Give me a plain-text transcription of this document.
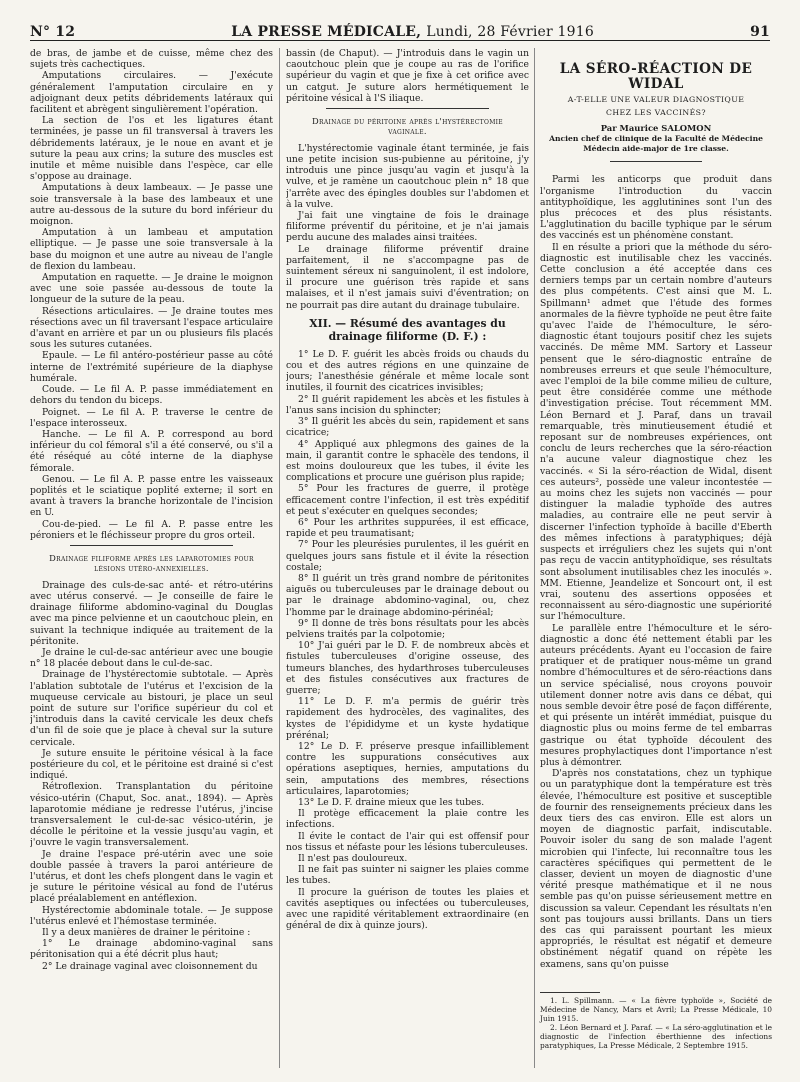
N° 12	LA PRESSE MÉDICALE, Lundi, 28 Février 1916	91

de bras, de jambe et de cuisse, même chez des sujets très cachectiques.

Amputations circulaires. — J'exécute généralement l'amputation circulaire en y adjoignant deux petits débridements latéraux qui facilitent et abrègent singulièrement l'opération.

La section de l'os et les ligatures étant terminées, je passe un fil transversal à travers les débridements latéraux, je le noue en avant et je suture la peau aux crins; la suture des muscles est inutile et même nuisible dans l'espèce, car elle s'oppose au drainage.

Amputations à deux lambeaux. — Je passe une soie transversale à la base des lambeaux et une autre au-dessous de la suture du bord inférieur du moignon.

Amputation à un lambeau et amputation elliptique. — Je passe une soie transversale à la base du moignon et une autre au niveau de l'angle de flexion du lambeau.

Amputation en raquette. — Je draine le moignon avec une soie passée au-dessous de toute la longueur de la suture de la peau.

Résections articulaires. — Je draine toutes mes résections avec un fil traversant l'espace articulaire d'avant en arrière et par un ou plusieurs fils placés sous les sutures cutanées.

Epaule. — Le fil antéro-postérieur passe au côté interne de l'extrémité supérieure de la diaphyse humérale.

Coude. — Le fil A. P. passe immédiatement en dehors du tendon du biceps.

Poignet. — Le fil A. P. traverse le centre de l'espace interosseux.

Hanche. — Le fil A. P. correspond au bord inférieur du col fémoral s'il a été conservé, ou s'il a été réséqué au côté interne de la diaphyse fémorale.

Genou. — Le fil A. P. passe entre les vaisseaux poplités et le sciatique poplité externe; il sort en avant à travers la branche horizontale de l'incision en U.

Cou-de-pied. — Le fil A. P. passe entre les péroniers et le fléchisseur propre du gros orteil.

Drainage filiforme après les laparotomies pour lésions utéro-annexielles.

Drainage des culs-de-sac anté- et rétro-utérins avec utérus conservé. — Je conseille de faire le drainage filiforme abdomino-vaginal du Douglas avec ma pince pelvienne et un caoutchouc plein, en suivant la technique indiquée au traitement de la péritonite.

Je draine le cul-de-sac antérieur avec une bougie n° 18 placée debout dans le cul-de-sac.

Drainage de l'hystérectomie subtotale. — Après l'ablation subtotale de l'utérus et l'excision de la muqueuse cervicale au bistouri, je place un seul point de suture sur l'orifice supérieur du col et j'introduis dans la cavité cervicale les deux chefs d'un fil de soie que je place à cheval sur la suture cervicale.

Je suture ensuite le péritoine vésical à la face postérieure du col, et le péritoine est drainé si c'est indiqué.

Rétroflexion. Transplantation du péritoine vésico-utérin (Chaput, Soc. anat., 1894). — Après laparotomie médiane je redresse l'utérus, j'incise transversalement le cul-de-sac vésico-utérin, je décolle le péritoine et la vessie jusqu'au vagin, et j'ouvre le vagin transversalement.

Je draine l'espace pré-utérin avec une soie double passée à travers la paroi antérieure de l'utérus, et dont les chefs plongent dans le vagin et je suture le péritoine vésical au fond de l'utérus placé préalablement en antéflexion.

Hystérectomie abdominale totale. — Je suppose l'utérus enlevé et l'hémostase terminée.

Il y a deux manières de drainer le péritoine :

1° Le drainage abdomino-vaginal sans péritonisation qui a été décrit plus haut;

2° Le drainage vaginal avec cloisonnement du

bassin (de Chaput). — J'introduis dans le vagin un caoutchouc plein que je coupe au ras de l'orifice supérieur du vagin et que je fixe à cet orifice avec un catgut. Je suture alors hermétiquement le péritoine vésical à l'S iliaque.

Drainage du péritoine après l'hystérectomie vaginale.

L'hystérectomie vaginale étant terminée, je fais une petite incision sus-pubienne au péritoine, j'y introduis une pince jusqu'au vagin et jusqu'à la vulve, et je ramène un caoutchouc plein n° 18 que j'arrête avec des épingles doubles sur l'abdomen et à la vulve.

J'ai fait une vingtaine de fois le drainage filiforme préventif du péritoine, et je n'ai jamais perdu aucune des malades ainsi traitées.

Le drainage filiforme préventif draine parfaitement, il ne s'accompagne pas de suintement séreux ni sanguinolent, il est indolore, il procure une guérison très rapide et sans malaises, et il n'est jamais suivi d'éventration; on ne pourrait pas dire autant du drainage tubulaire.

XII. — Résumé des avantages du drainage filiforme (D. F.) :

1° Le D. F. guérit les abcès froids ou chauds du cou et des autres régions en une quinzaine de jours; l'anesthésie générale et même locale sont inutiles, il fournit des cicatrices invisibles;

2° Il guérit rapidement les abcès et les fistules à l'anus sans incision du sphincter;

3° Il guérit les abcès du sein, rapidement et sans cicatrice;

4° Appliqué aux phlegmons des gaines de la main, il garantit contre le sphacèle des tendons, il est moins douloureux que les tubes, il évite les complications et procure une guérison plus rapide;

5° Pour les fractures de guerre, il protège efficacement contre l'infection, il est très expéditif et peut s'exécuter en quelques secondes;

6° Pour les arthrites suppurées, il est efficace, rapide et peu traumatisant;

7° Pour les pleurésies purulentes, il les guérit en quelques jours sans fistule et il évite la résection costale;

8° Il guérit un très grand nombre de péritonites aiguës ou tuberculeuses par le drainage debout ou par le drainage abdomino-vaginal, ou, chez l'homme par le drainage abdomino-périnéal;

9° Il donne de très bons résultats pour les abcès pelviens traités par la colpotomie;

10° J'ai guéri par le D. F. de nombreux abcès et fistules tuberculeuses d'origine osseuse, des tumeurs blanches, des hydarthroses tuberculeuses et des fistules consécutives aux fractures de guerre;

11° Le D. F. m'a permis de guérir très rapidement des hydrocèles, des vaginalites, des kystes de l'épididyme et un kyste hydatique prérénal;

12° Le D. F. préserve presque infailliblement contre les suppurations consécutives aux opérations aseptiques, hernies, amputations du sein, amputations des membres, résections articulaires, laparotomies;

13° Le D. F. draine mieux que les tubes.

Il protège efficacement la plaie contre les infections.

Il évite le contact de l'air qui est offensif pour nos tissus et néfaste pour les lésions tuberculeuses.

Il n'est pas douloureux.

Il ne fait pas suinter ni saigner les plaies comme les tubes.

Il procure la guérison de toutes les plaies et cavités aseptiques ou infectées ou tuberculeuses, avec une rapidité véritablement extraordinaire (en général de dix à quinze jours).

LA SÉRO-RÉACTION DE WIDAL
A-T-ELLE UNE VALEUR DIAGNOSTIQUE
CHEZ LES VACCINÉS?
Par Maurice SALOMON
Ancien chef de clinique de la Faculté de Médecine
Médecin aide-major de 1re classe.

Parmi les anticorps que produit dans l'organisme l'introduction du vaccin antityphoïdique, les agglutinines sont l'un des plus précoces et des plus résistants. L'agglutination du bacille typhique par le sérum des vaccinés est un phénomène constant.

Il en résulte a priori que la méthode du séro-diagnostic est inutilisable chez les vaccinés. Cette conclusion a été acceptée dans ces derniers temps par un certain nombre d'auteurs des plus compétents. C'est ainsi que M. L. Spillmann¹ admet que l'étude des formes anormales de la fièvre typhoïde ne peut être faite qu'avec l'aide de l'hémoculture, le séro-diagnostic étant toujours positif chez les sujets vaccinés. De même MM. Sartory et Lasseur pensent que le séro-diagnostic entraîne de nombreuses erreurs et que seule l'hémoculture, avec l'emploi de la bile comme milieu de culture, peut être considérée comme une méthode d'investigation précise. Tout récemment MM. Léon Bernard et J. Paraf, dans un travail remarquable, très minutieusement étudié et reposant sur de nombreuses expériences, ont conclu de leurs recherches que la séro-réaction n'a aucune valeur diagnostique chez les vaccinés. « Si la séro-réaction de Widal, disent ces auteurs², possède une valeur incontestée — au moins chez les sujets non vaccinés — pour distinguer la maladie typhoïde des autres maladies, au contraire elle ne peut servir à discerner l'infection typhoïde à bacille d'Eberth des mêmes infections à paratyphiques; déjà suspects et irréguliers chez les sujets qui n'ont pas reçu de vaccin antityphoïdique, ses résultats sont absolument inutilisables chez les inoculés ». MM. Etienne, Jeandelize et Soncourt ont, il est vrai, soutenu des assertions opposées et reconnaissent au séro-diagnostic une supériorité sur l'hémoculture.

Le parallèle entre l'hémoculture et le séro-diagnostic a donc été nettement établi par les auteurs précédents. Ayant eu l'occasion de faire pratiquer et de pratiquer nous-même un grand nombre d'hémocultures et de séro-réactions dans un service spécialisé, nous croyons pouvoir utilement donner notre avis dans ce débat, qui nous semble devoir être posé de façon différente, et qui présente un intérêt immédiat, puisque du diagnostic plus ou moins ferme de tel embarras gastrique ou état typhoïde découlent des mesures prophylactiques dont l'importance n'est plus à démontrer.

D'après nos constatations, chez un typhique ou un paratyphique dont la température est très élevée, l'hémoculture est positive et susceptible de fournir des renseignements précieux dans les deux tiers des cas environ. Elle est alors un moyen de diagnostic parfait, indiscutable. Pouvoir isoler du sang de son malade l'agent microbien qui l'infecte, lui reconnaître tous les caractères spécifiques qui permettent de le classer, devient un moyen de diagnostic d'une vérité presque mathématique et il ne nous semble pas qu'on puisse sérieusement mettre en discussion sa valeur. Cependant les résultats n'en sont pas toujours aussi brillants. Dans un tiers des cas qui paraissent pourtant les mieux appropriés, le résultat est négatif et demeure obstinément négatif quand on répète les examens, sans qu'on puisse

1. L. Spillmann. — « La fièvre typhoïde », Société de Médecine de Nancy, Mars et Avril; La Presse Médicale, 10 Juin 1915.

2. Léon Bernard et J. Paraf. — « La séro-agglutination et le diagnostic de l'infection éberthienne des infections paratyphiques, La Presse Médicale, 2 Septembre 1915.
